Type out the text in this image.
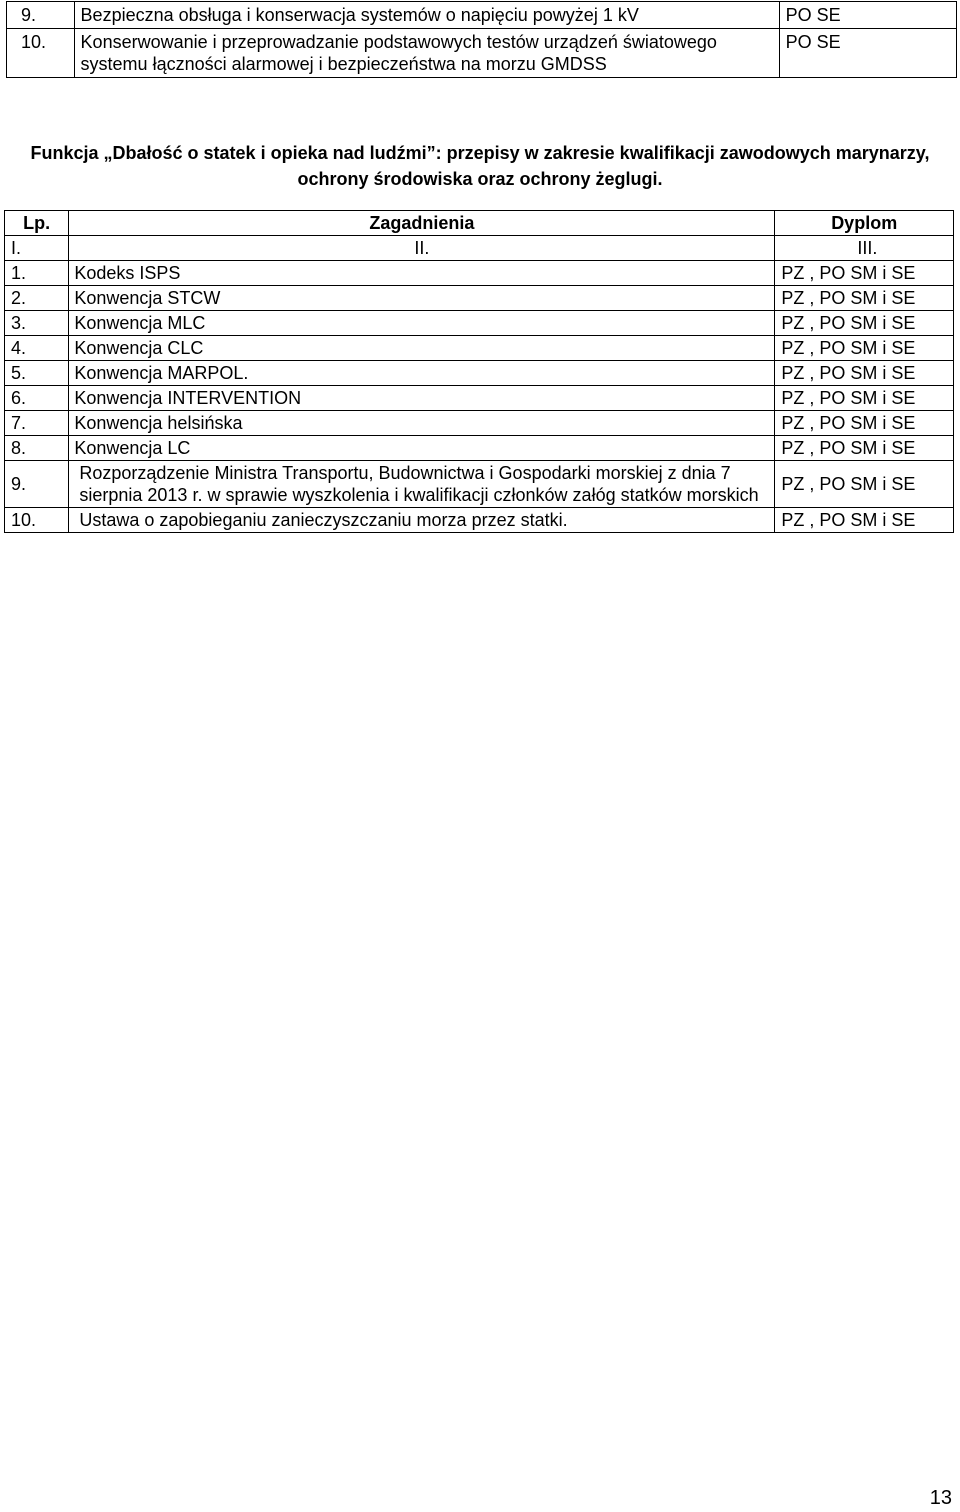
9.	Bezpieczna obsługa i konserwacja systemów o napięciu powyżej 1 kV	PO SE
10.	Konserwowanie i przeprowadzanie podstawowych testów urządzeń światowego systemu łączności alarmowej i bezpieczeństwa na morzu GMDSS	PO SE
Funkcja „Dbałość o statek i opieka nad ludźmi”: przepisy w zakresie kwalifikacji zawodowych marynarzy, ochrony środowiska oraz ochrony żeglugi.
Lp.	Zagadnienia	Dyplom
I.	II.	III.
1.	Kodeks ISPS	PZ , PO SM i SE
2.	Konwencja STCW	PZ , PO SM i SE
3.	Konwencja MLC	PZ , PO SM i SE
4.	Konwencja CLC	PZ , PO SM i SE
5.	Konwencja MARPOL.	PZ , PO SM i SE
6.	Konwencja INTERVENTION	PZ , PO SM i SE
7.	Konwencja helsińska	PZ , PO SM i SE
8.	Konwencja LC	PZ , PO SM i SE
9.	Rozporządzenie Ministra Transportu, Budownictwa i Gospodarki morskiej z dnia 7 sierpnia 2013 r. w sprawie wyszkolenia i kwalifikacji członków załóg statków morskich	PZ , PO SM i SE
10.	Ustawa o zapobieganiu zanieczyszczaniu morza przez statki.	PZ , PO SM i SE
13
